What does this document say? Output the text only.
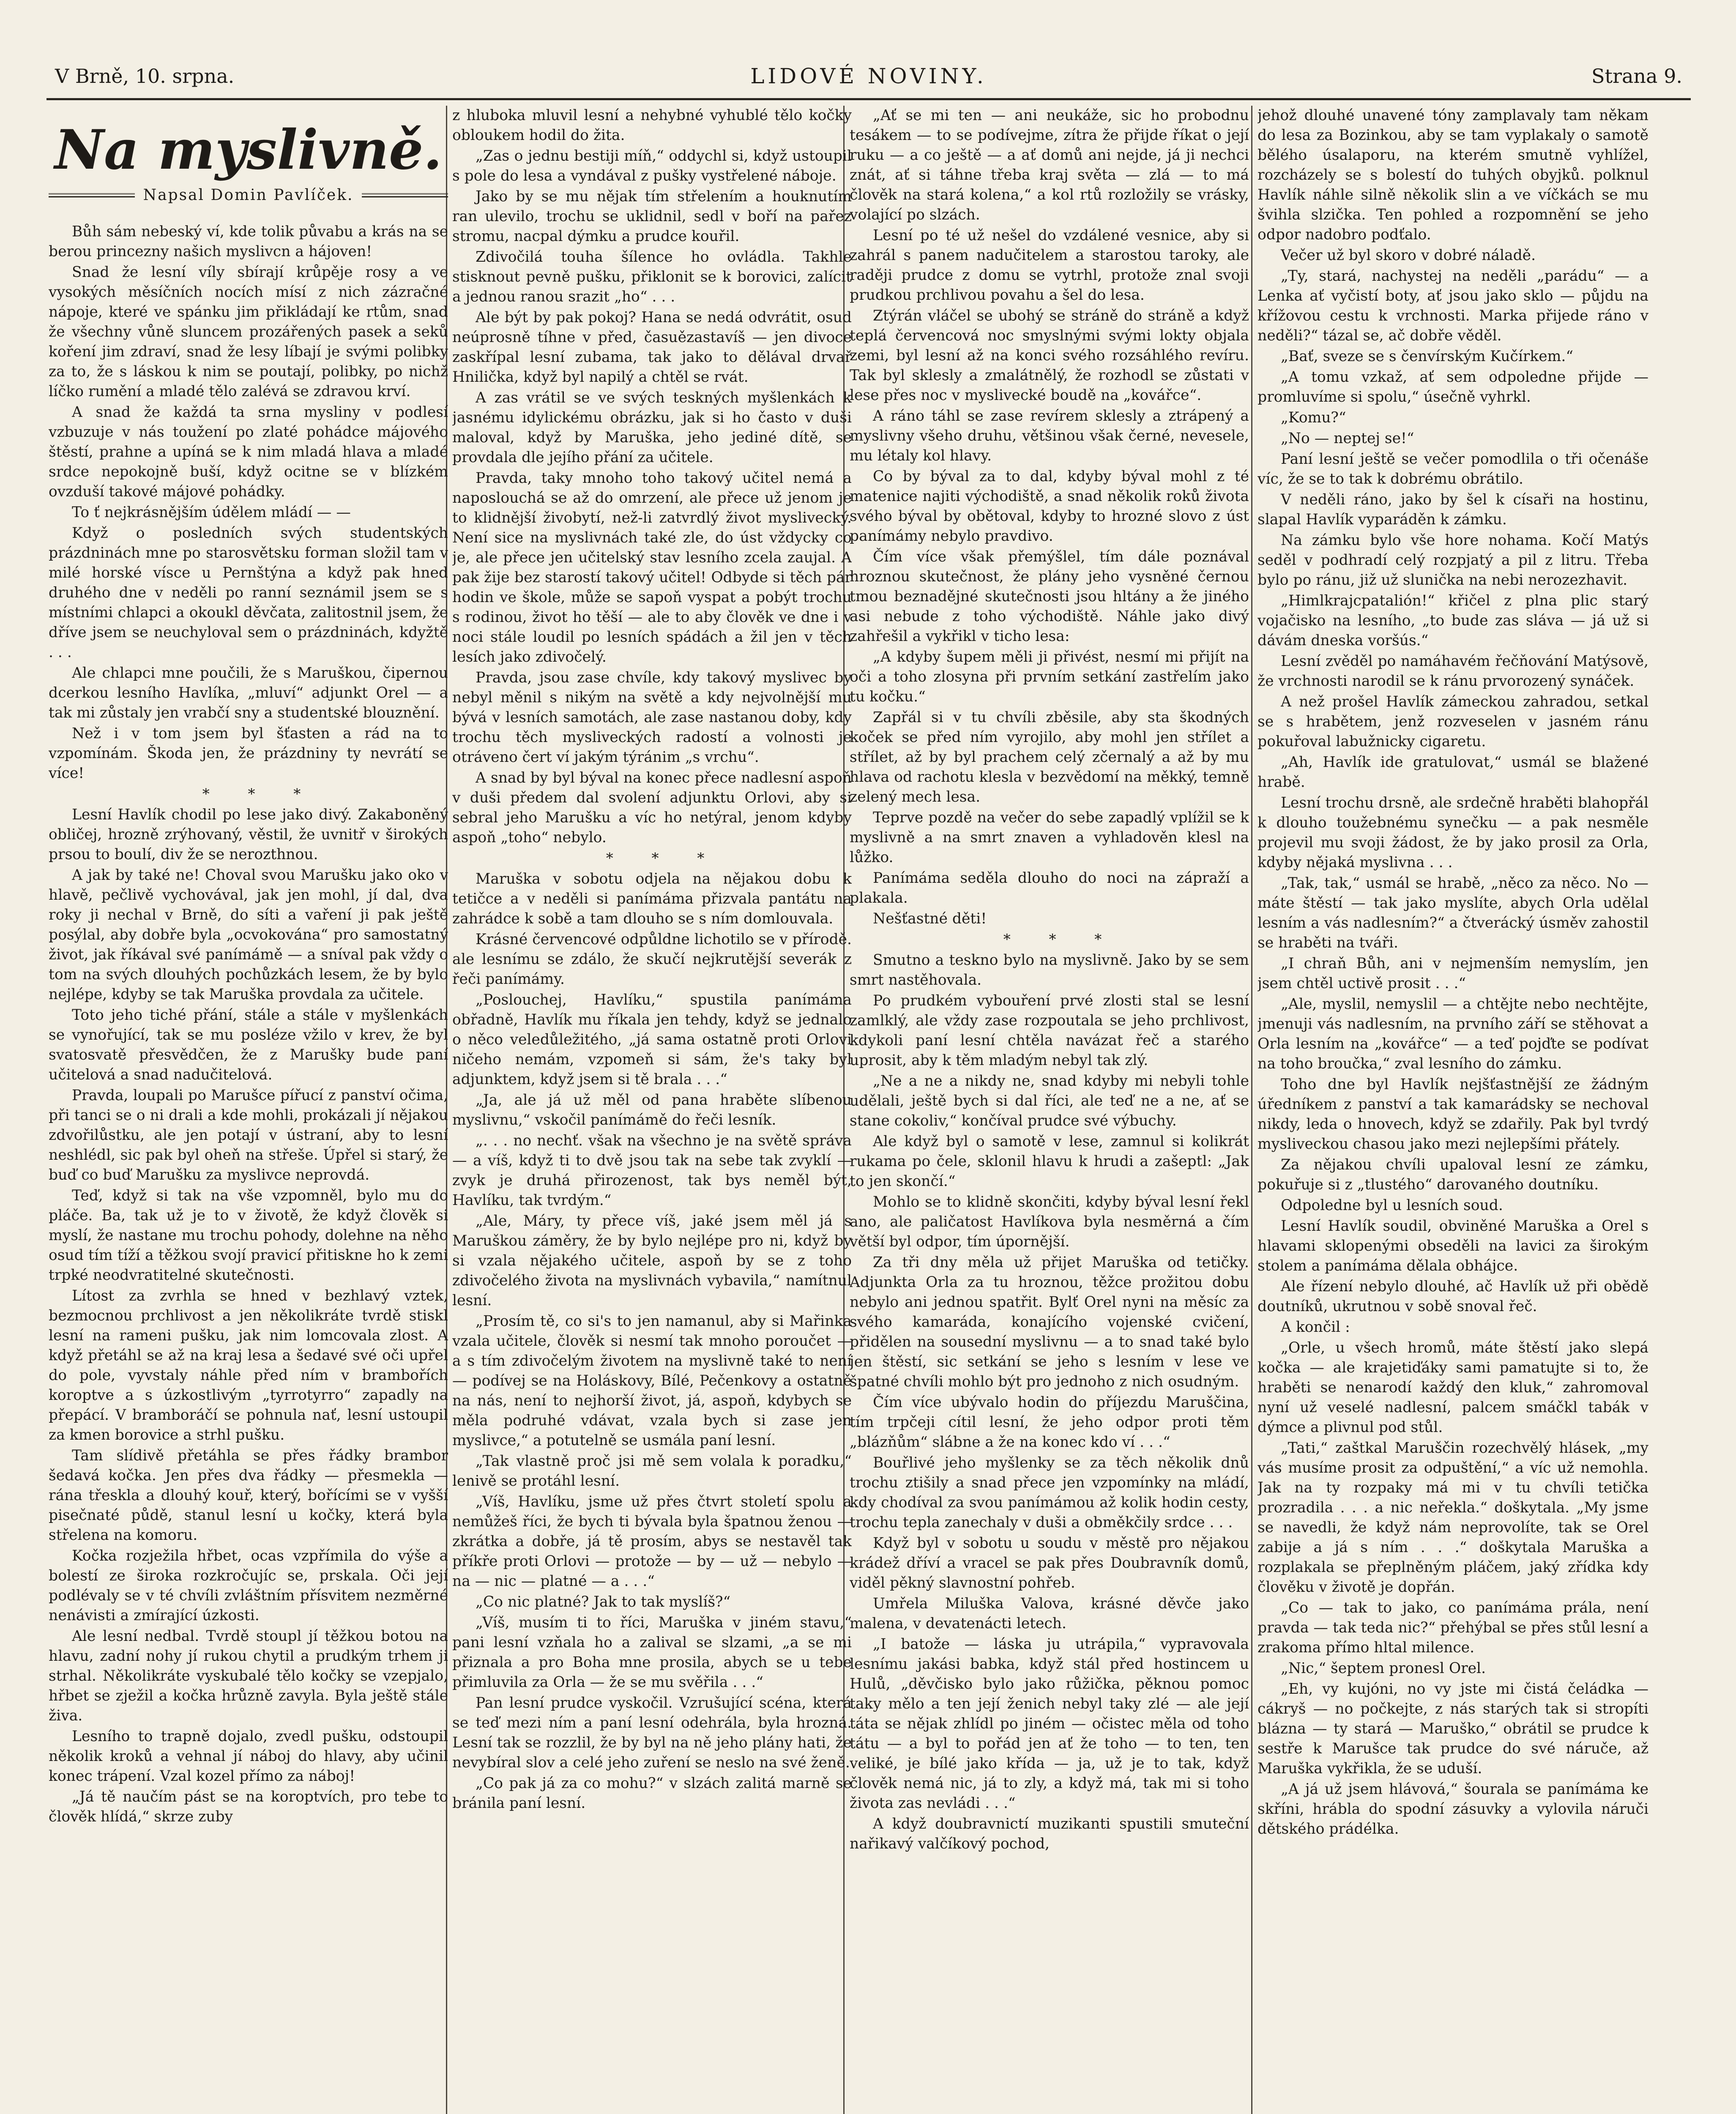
V Brně, 10. srpna.	LIDOVÉ NOVINY.	Strana 9.
Na myslivně.
Napsal Domin Pavlíček.

Bůh sám nebeský ví, kde tolik půvabu a krás na se berou princezny našich myslivcn a hájoven!

Snad že lesní víly sbírají krůpěje rosy a ve vysokých měsíčních nocích mísí z nich zázračné nápoje, které ve spánku jim přikládají ke rtům, snad že všechny vůně sluncem prozářených pasek a seků koření jim zdraví, snad že lesy líbají je svými polibky za to, že s láskou k nim se poutají, polibky, po nichž líčko rumění a mladé tělo zalévá se zdravou krví.

A snad že každá ta srna mysliny v podlesí vzbuzuje v nás toužení po zlaté pohádce májového štěstí, prahne a upíná se k nim mladá hlava a mladé srdce nepokojně buší, když ocitne se v blízkém ovzduší takové májové pohádky.

To ť nejkrásnějším údělem mládí — —

Když o posledních svých studentských prázdninách mne po starosvětsku forman složil tam v milé horské vísce u Pernštýna a když pak hned druhého dne v neděli po ranní seznámil jsem se s místními chlapci a okoukl děvčata, zalitostnil jsem, že dříve jsem se neuchyloval sem o prázdninách, kdyžtě . . .

Ale chlapci mne poučili, že s Maruškou, čipernou dcerkou lesního Havlíka, „mluví“ adjunkt Orel — a tak mi zůstaly jen vrabčí sny a studentské blouznění.

Než i v tom jsem byl šťasten a rád na to vzpomínám. Škoda jen, že prázdniny ty nevrátí se více!

* * *

Lesní Havlík chodil po lese jako divý. Zakaboněný obličej, hrozně zrýhovaný, věstil, že uvnitř v širokých prsou to boulí, div že se nerozthnou.

A jak by také ne! Choval svou Marušku jako oko v hlavě, pečlivě vychovával, jak jen mohl, jí dal, dva roky ji nechal v Brně, do síti a vaření ji pak ještě posýlal, aby dobře byla „ocvokována“ pro samostatný život, jak říkával své panímámě — a sníval pak vždy o tom na svých dlouhých pochůzkách lesem, že by bylo nejlépe, kdyby se tak Maruška provdala za učitele.

Toto jeho tiché přání, stále a stále v myšlenkách se vynořující, tak se mu posléze vžilo v krev, že byl svatosvatě přesvědčen, že z Marušky bude paní učitelová a snad nadučitelová.

Pravda, loupali po Marušce pířucí z panství očima, při tanci se o ni drali a kde mohli, prokázali jí nějakou zdvořilůstku, ale jen potají v ústraní, aby to lesní neshlédl, sic pak byl oheň na střeše. Úpřel si starý, že buď co buď Marušku za myslivce neprovdá.

Teď, když si tak na vše vzpomněl, bylo mu do pláče. Ba, tak už je to v životě, že když člověk si myslí, že nastane mu trochu pohody, dolehne na něho osud tím tíží a těžkou svojí pravicí přitiskne ho k zemi trpké neodvratitelné skutečnosti.

Lítost za zvrhla se hned v bezhlavý vztek, bezmocnou prchlivost a jen několikráte tvrdě stiskl lesní na rameni pušku, jak nim lomcovala zlost. A když přetáhl se až na kraj lesa a šedavé své oči upřel do pole, vyvstaly náhle před ním v brambořích koroptve a s úzkostlivým „tyrrotyrro“ zapadly na přepácí. V bramboráčí se pohnula nať, lesní ustoupil za kmen borovice a strhl pušku.

Tam slídivě přetáhla se přes řádky brambor šedavá kočka. Jen přes dva řádky — přesmekla — rána třeskla a dlouhý kouř, který, bořícími se v vyšší pisečnaté půdě, stanul lesní u kočky, která byla střelena na komoru.

Kočka rozježila hřbet, ocas vzpřímila do výše a bolestí ze široka rozkročujíc se, prskala. Oči její podlévaly se v té chvíli zvláštním přísvitem nezměrné nenávisti a zmírající úzkosti.

Ale lesní nedbal. Tvrdě stoupl jí těžkou botou na hlavu, zadní nohy jí rukou chytil a prudkým trhem ji strhal. Několikráte vyskubalé tělo kočky se vzepjalo, hřbet se zježil a kočka hrůzně zavyla. Byla ještě stále živa.

Lesního to trapně dojalo, zvedl pušku, odstoupil několik kroků a vehnal jí náboj do hlavy, aby učinil konec trápení. Vzal kozel přímo za náboj!

„Já tě naučím pást se na koroptvích, pro tebe to člověk hlídá,“ skrze zuby

z hluboka mluvil lesní a nehybné vyhublé tělo kočky obloukem hodil do žita.

„Zas o jednu bestiji míň,“ oddychl si, když ustoupil s pole do lesa a vyndával z pušky vystřelené náboje.

Jako by se mu nějak tím střelením a houknutím ran ulevilo, trochu se uklidnil, sedl v boří na pařez stromu, nacpal dýmku a prudce kouřil.

Zdivočilá touha šílence ho ovládla. Takhle stisknout pevně pušku, přiklonit se k borovici, zalícit a jednou ranou srazit „ho“ . . .

Ale být by pak pokoj? Hana se nedá odvrátit, osud neúprosně tíhne v před, časuězastavíš — jen divoce zaskřípal lesní zubama, tak jako to dělával drvař Hnilička, když byl napilý a chtěl se rvát.

A zas vrátil se ve svých teskných myšlenkách k jasnému idylickému obrázku, jak si ho často v duši maloval, když by Maruška, jeho jediné dítě, se provdala dle jejího přání za učitele.

Pravda, taky mnoho toho takový učitel nemá a naposlouchá se až do omrzení, ale přece už jenom je to klidnější živobytí, než-li zatvrdlý život myslivecký. Není sice na myslivnách také zle, do úst vždycky co je, ale přece jen učitelský stav lesního zcela zaujal. A pak žije bez starostí takový učitel! Odbyde si těch pár hodin ve škole, může se sapoň vyspat a pobýt trochu s rodinou, život ho těší — ale to aby člověk ve dne i v noci stále loudil po lesních spádách a žil jen v těch lesích jako zdivočelý.

Pravda, jsou zase chvíle, kdy takový myslivec by nebyl měnil s nikým na světě a kdy nejvolnější mu bývá v lesních samotách, ale zase nastanou doby, kdy trochu těch mysliveckých radostí a volnosti je otráveno čert ví jakým týránim „s vrchu“.

A snad by byl býval na konec přece nadlesní aspoň v duši předem dal svolení adjunktu Orlovi, aby si sebral jeho Marušku a víc ho netýral, jenom kdyby aspoň „toho“ nebylo.

* * *

Maruška v sobotu odjela na nějakou dobu k tetičce a v neděli si panímáma přizvala pantátu na zahrádce k sobě a tam dlouho se s ním domlouvala.

Krásné červencové odpůldne lichotilo se v přírodě. ale lesnímu se zdálo, že skučí nejkrutější severák z řeči panímámy.

„Poslouchej, Havlíku,“ spustila panímáma obřadně, Havlík mu říkala jen tehdy, když se jednalo o něco veledůležitého, „já sama ostatně proti Orlovi ničeho nemám, vzpomeň si sám, že's taky byl adjunktem, když jsem si tě brala . . .“

„Ja, ale já už měl od pana hraběte slíbenou myslivnu,“ vskočil panímámě do řeči lesník.

„. . . no nechť. však na všechno je na světě správa — a víš, když ti to dvě jsou tak na sebe tak zvyklí — zvyk je druhá přirozenost, tak bys neměl být, Havlíku, tak tvrdým.“

„Ale, Máry, ty přece víš, jaké jsem měl já s Maruškou záměry, že by bylo nejlépe pro ni, když by si vzala nějakého učitele, aspoň by se z toho zdivočelého života na myslivnách vybavila,“ namítnul lesní.

„Prosím tě, co si's to jen namanul, aby si Mařinka vzala učitele, člověk si nesmí tak mnoho poroučet — a s tím zdivočelým životem na myslivně také to není — podívej se na Holáskovy, Bílé, Pečenkovy a ostatně na nás, není to nejhorší život, já, aspoň, kdybych se měla podruhé vdávat, vzala bych si zase jen myslivce,“ a potutelně se usmála paní lesní.

„Tak vlastně proč jsi mě sem volala k poradku,“ lenivě se protáhl lesní.

„Víš, Havlíku, jsme už přes čtvrt století spolu a nemůžeš říci, že bych ti bývala byla špatnou ženou — zkrátka a dobře, já tě prosím, abys se nestavěl tak příkře proti Orlovi — protože — by — už — nebylo — na — nic — platné — a . . .“

„Co nic platné? Jak to tak myslíš?“

„Víš, musím ti to říci, Maruška v jiném stavu,“ pani lesní vzňala ho a zalival se slzami, „a se mi přiznala a pro Boha mne prosila, abych se u tebe přimluvila za Orla — že se mu svěřila . . .“

Pan lesní prudce vyskočil. Vzrušující scéna, která se teď mezi ním a paní lesní odehrála, byla hrozná. Lesní tak se rozzlil, že by byl na ně jeho plány hati, že nevybíral slov a celé jeho zuření se neslo na své ženě.

„Co pak já za co mohu?“ v slzách zalitá marně se bránila paní lesní.

„Ať se mi ten — ani neukáže, sic ho probodnu tesákem — to se podívejme, zítra že přijde říkat o její ruku — a co ještě — a ať domů ani nejde, já ji nechci znát, ať si táhne třeba kraj světa — zlá — to má člověk na stará kolena,“ a kol rtů rozložily se vrásky, volající po slzách.

Lesní po té už nešel do vzdálené vesnice, aby si zahrál s panem nadučitelem a starostou taroky, ale raději prudce z domu se vytrhl, protože znal svoji prudkou prchlivou povahu a šel do lesa.

Ztýrán vláčel se ubohý se stráně do stráně a když teplá červencová noc smyslnými svými lokty objala zemi, byl lesní až na konci svého rozsáhlého revíru. Tak byl sklesly a zmalátnělý, že rozhodl se zůstati v lese přes noc v myslivecké boudě na „kovářce“.

A ráno táhl se zase revírem sklesly a ztrápený a myslivny všeho druhu, většinou však černé, nevesele, mu létaly kol hlavy.

Co by býval za to dal, kdyby býval mohl z té matenice najiti východiště, a snad několik roků života svého býval by obětoval, kdyby to hrozné slovo z úst panímámy nebylo pravdivo.

Čím více však přemýšlel, tím dále poznával hroznou skutečnost, že plány jeho vysněné černou tmou beznadějné skutečnosti jsou hltány a že jiného asi nebude z toho východiště. Náhle jako divý zahřešil a vykřikl v ticho lesa:

„A kdyby šupem měli ji přivést, nesmí mi přijít na oči a toho zlosyna při prvním setkání zastřelím jako tu kočku.“

Zapřál si v tu chvíli zběsile, aby sta škodných koček se před ním vyrojilo, aby mohl jen střílet a střílet, až by byl prachem celý zčernalý a až by mu hlava od rachotu klesla v bezvědomí na měkký, temně zelený mech lesa.

Teprve pozdě na večer do sebe zapadlý vplížil se k myslivně a na smrt znaven a vyhladověn klesl na lůžko.

Panímáma seděla dlouho do noci na zápraží a plakala.

Nešťastné děti!

* * *

Smutno a teskno bylo na myslivně. Jako by se sem smrt nastěhovala.

Po prudkém vybouření prvé zlosti stal se lesní zamlklý, ale vždy zase rozpoutala se jeho prchlivost, kdykoli paní lesní chtěla navázat řeč a starého uprosit, aby k těm mladým nebyl tak zlý.

„Ne a ne a nikdy ne, snad kdyby mi nebyli tohle udělali, ještě bych si dal říci, ale teď ne a ne, ať se stane cokoliv,“ končíval prudce své výbuchy.

Ale když byl o samotě v lese, zamnul si kolikrát rukama po čele, sklonil hlavu k hrudi a zašeptl: „Jak to jen skončí.“

Mohlo se to klidně skončiti, kdyby býval lesní řekl ano, ale paličatost Havlíkova byla nesměrná a čím větší byl odpor, tím úpornější.

Za tři dny měla už přijet Maruška od tetičky. Adjunkta Orla za tu hroznou, těžce prožitou dobu nebylo ani jednou spatřit. Bylť Orel nyni na měsíc za svého kamaráda, konajícího vojenské cvičení, přidělen na sousední myslivnu — a to snad také bylo jen štěstí, sic setkání se jeho s lesním v lese ve špatné chvíli mohlo být pro jednoho z nich osudným.

Čím více ubývalo hodin do příjezdu Maruščina, tím trpčeji cítil lesní, že jeho odpor proti těm „blázňům“ slábne a že na konec kdo ví . . .“

Bouřlivé jeho myšlenky se za těch několik dnů trochu ztišily a snad přece jen vzpomínky na mládí, kdy chodíval za svou panímámou až kolik hodin cesty, trochu tepla zanechaly v duši a obměkčily srdce . . .

Když byl v sobotu u soudu v městě pro nějakou krádež dříví a vracel se pak přes Doubravník domů, viděl pěkný slavnostní pohřeb.

Umřela Miluška Valova, krásné děvče jako malena, v devatenácti letech.

„I batože — láska ju utrápila,“ vypravovala lesnímu jakási babka, když stál před hostincem u Hulů, „děvčisko bylo jako růžička, pěknou pomoc taky mělo a ten její ženich nebyl taky zlé — ale její táta se nějak zhlídl po jiném — očistec měla od toho tátu — a byl to pořád jen ať že toho — to ten, ten veliké, je bílé jako křída — ja, už je to tak, když člověk nemá nic, já to zly, a když má, tak mi si toho života zas nevládi . . .“

A když doubravnictí muzikanti spustili smuteční nařikavý valčíkový pochod,

jehož dlouhé unavené tóny zamplavaly tam někam do lesa za Bozinkou, aby se tam vyplakaly o samotě bělého úsalaporu, na kterém smutně vyhlížel, rozcházely se s bolestí do tuhých obyjků. polknul Havlík náhle silně několik slin a ve víčkách se mu švihla slzička. Ten pohled a rozpomnění se jeho odpor nadobro podťalo.

Večer už byl skoro v dobré náladě.

„Ty, stará, nachystej na neděli „parádu“ — a Lenka ať vyčistí boty, ať jsou jako sklo — půjdu na křížovou cestu k vrchnosti. Marka přijede ráno v neděli?“ tázal se, ač dobře věděl.

„Bať, sveze se s čenvírským Kučírkem.“

„A tomu vzkaž, ať sem odpoledne přijde — promluvíme si spolu,“ úsečně vyhrkl.

„Komu?“

„No — neptej se!“

Paní lesní ještě se večer pomodlila o tři očenáše víc, že se to tak k dobrému obrátilo.

V neděli ráno, jako by šel k císaři na hostinu, slapal Havlík vyparáděn k zámku.

Na zámku bylo vše hore nohama. Kočí Matýs seděl v podhradí celý rozpjatý a pil z litru. Třeba bylo po ránu, již už slunička na nebi nerozezhavit.

„Himlkrajcpatalión!“ křičel z plna plic starý vojačisko na lesního, „to bude zas sláva — já už si dávám dneska voršús.“

Lesní zvěděl po namáhavém řečňování Matýsově, že vrchnosti narodil se k ránu prvorozený synáček.

A než prošel Havlík zámeckou zahradou, setkal se s hrabětem, jenž rozveselen v jasném ránu pokuřoval labužnicky cigaretu.

„Ah, Havlík ide gratulovat,“ usmál se blažené hrabě.

Lesní trochu drsně, ale srdečně hraběti blahopřál k dlouho toužebnému synečku — a pak nesměle projevil mu svoji žádost, že by jako prosil za Orla, kdyby nějaká myslivna . . .

„Tak, tak,“ usmál se hrabě, „něco za něco. No — máte štěstí — tak jako myslíte, abych Orla udělal lesním a vás nadlesním?“ a čtverácký úsměv zahostil se hraběti na tváři.

„I chraň Bůh, ani v nejmenším nemyslím, jen jsem chtěl uctivě prosit . . .“

„Ale, myslil, nemyslil — a chtějte nebo nechtějte, jmenuji vás nadlesním, na prvního září se stěhovat a Orla lesním na „kovářce“ — a teď pojďte se podívat na toho broučka,“ zval lesního do zámku.

Toho dne byl Havlík nejšťastnější ze žádným úředníkem z panství a tak kamarádsky se nechoval nikdy, leda o hnovech, když se zdařily. Pak byl tvrdý mysliveckou chasou jako mezi nejlepšími přátely.

Za nějakou chvíli upaloval lesní ze zámku, pokuřuje si z „tlustého“ darovaného doutníku.

Odpoledne byl u lesních soud.

Lesní Havlík soudil, obviněné Maruška a Orel s hlavami sklopenými obseděli na lavici za širokým stolem a panímáma dělala obhájce.

Ale řízení nebylo dlouhé, ač Havlík už při obědě doutníků, ukrutnou v sobě snoval řeč.

A končil :

„Orle, u všech hromů, máte štěstí jako slepá kočka — ale krajetiďáky sami pamatujte si to, že hraběti se nenarodí každý den kluk,“ zahromoval nyní už veselé nadlesní, palcem smáčkl tabák v dýmce a plivnul pod stůl.

„Tati,“ zaštkal Maruščin rozechvělý hlásek, „my vás musíme prosit za odpuštění,“ a víc už nemohla. Jak na ty rozpaky má mi v tu chvíli tetička prozradila . . . a nic neřekla.“ doškytala. „My jsme se navedli, že když nám neprovolíte, tak se Orel zabije a já s ním . . .“ doškytala Maruška a rozplakala se přeplněným pláčem, jaký zřídka kdy člověku v životě je dopřán.

„Co — tak to jako, co panímáma prála, není pravda — tak teda nic?“ přehýbal se přes stůl lesní a zrakoma přímo hltal milence.

„Nic,“ šeptem pronesl Orel.

„Eh, vy kujóni, no vy jste mi čistá čeládka — cákryš — no počkejte, z nás starých tak si stropíti blázna — ty stará — Maruško,“ obrátil se prudce k sestře k Marušce tak prudce do své náruče, až Maruška vykřikla, že se uduší.

„A já už jsem hlávová,“ šourala se panímáma ke skříni, hrábla do spodní zásuvky a vylovila náruči dětského prádélka.
